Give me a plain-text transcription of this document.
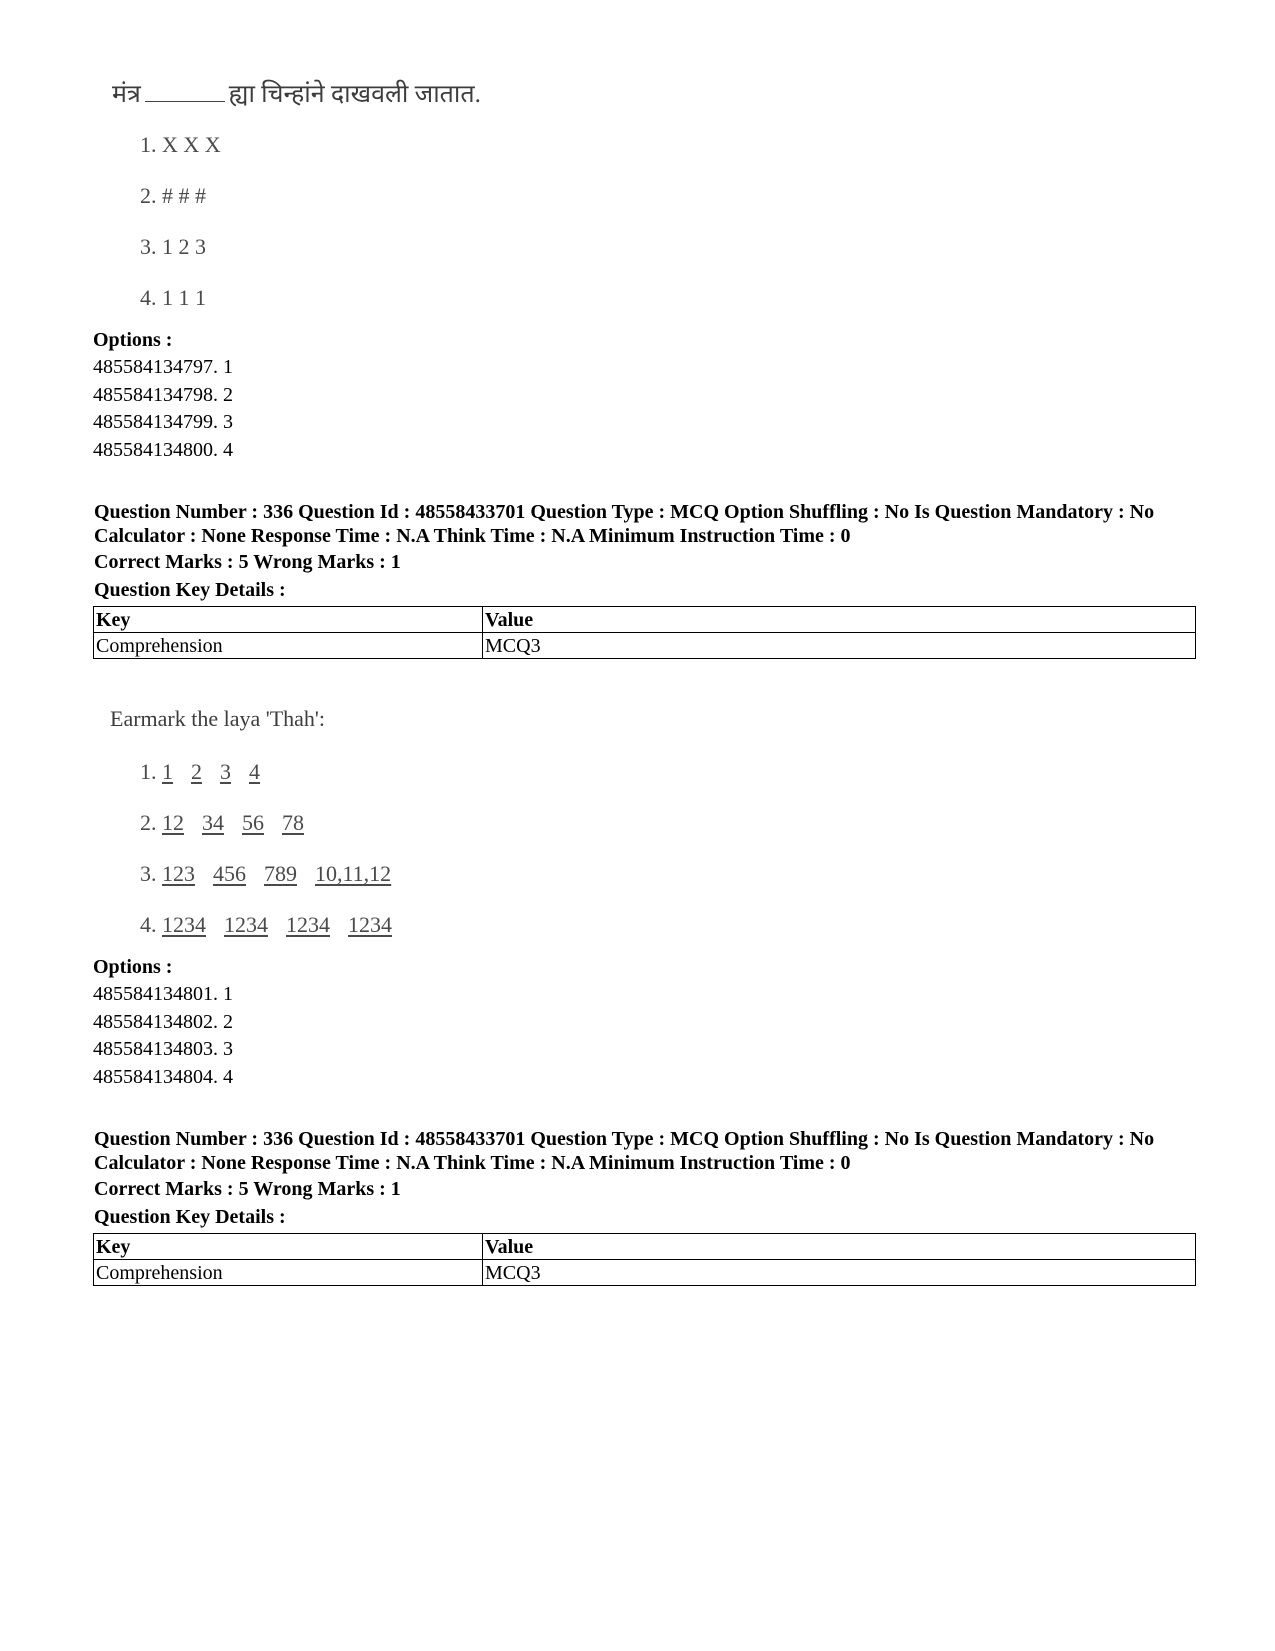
मंत्र	ह्या चिन्हांने दाखवली जातात.
1. X X X
2. # # #
3. 1 2 3
4. 1 1 1
Options :
485584134797. 1
485584134798. 2
485584134799. 3
485584134800. 4
Question Number : 336 Question Id : 48558433701 Question Type : MCQ Option Shuffling : No Is Question Mandatory : No Calculator : None Response Time : N.A Think Time : N.A Minimum Instruction Time : 0
Correct Marks : 5 Wrong Marks : 1
Question Key Details :
Key	Value
Comprehension	MCQ3
Earmark the laya 'Thah':
1. 1 2 3 4
2. 12 34 56 78
3. 123 456 789 10,11,12
4. 1234 1234 1234 1234
Options :
485584134801. 1
485584134802. 2
485584134803. 3
485584134804. 4
Question Number : 336 Question Id : 48558433701 Question Type : MCQ Option Shuffling : No Is Question Mandatory : No Calculator : None Response Time : N.A Think Time : N.A Minimum Instruction Time : 0
Correct Marks : 5 Wrong Marks : 1
Question Key Details :
Key	Value
Comprehension	MCQ3
